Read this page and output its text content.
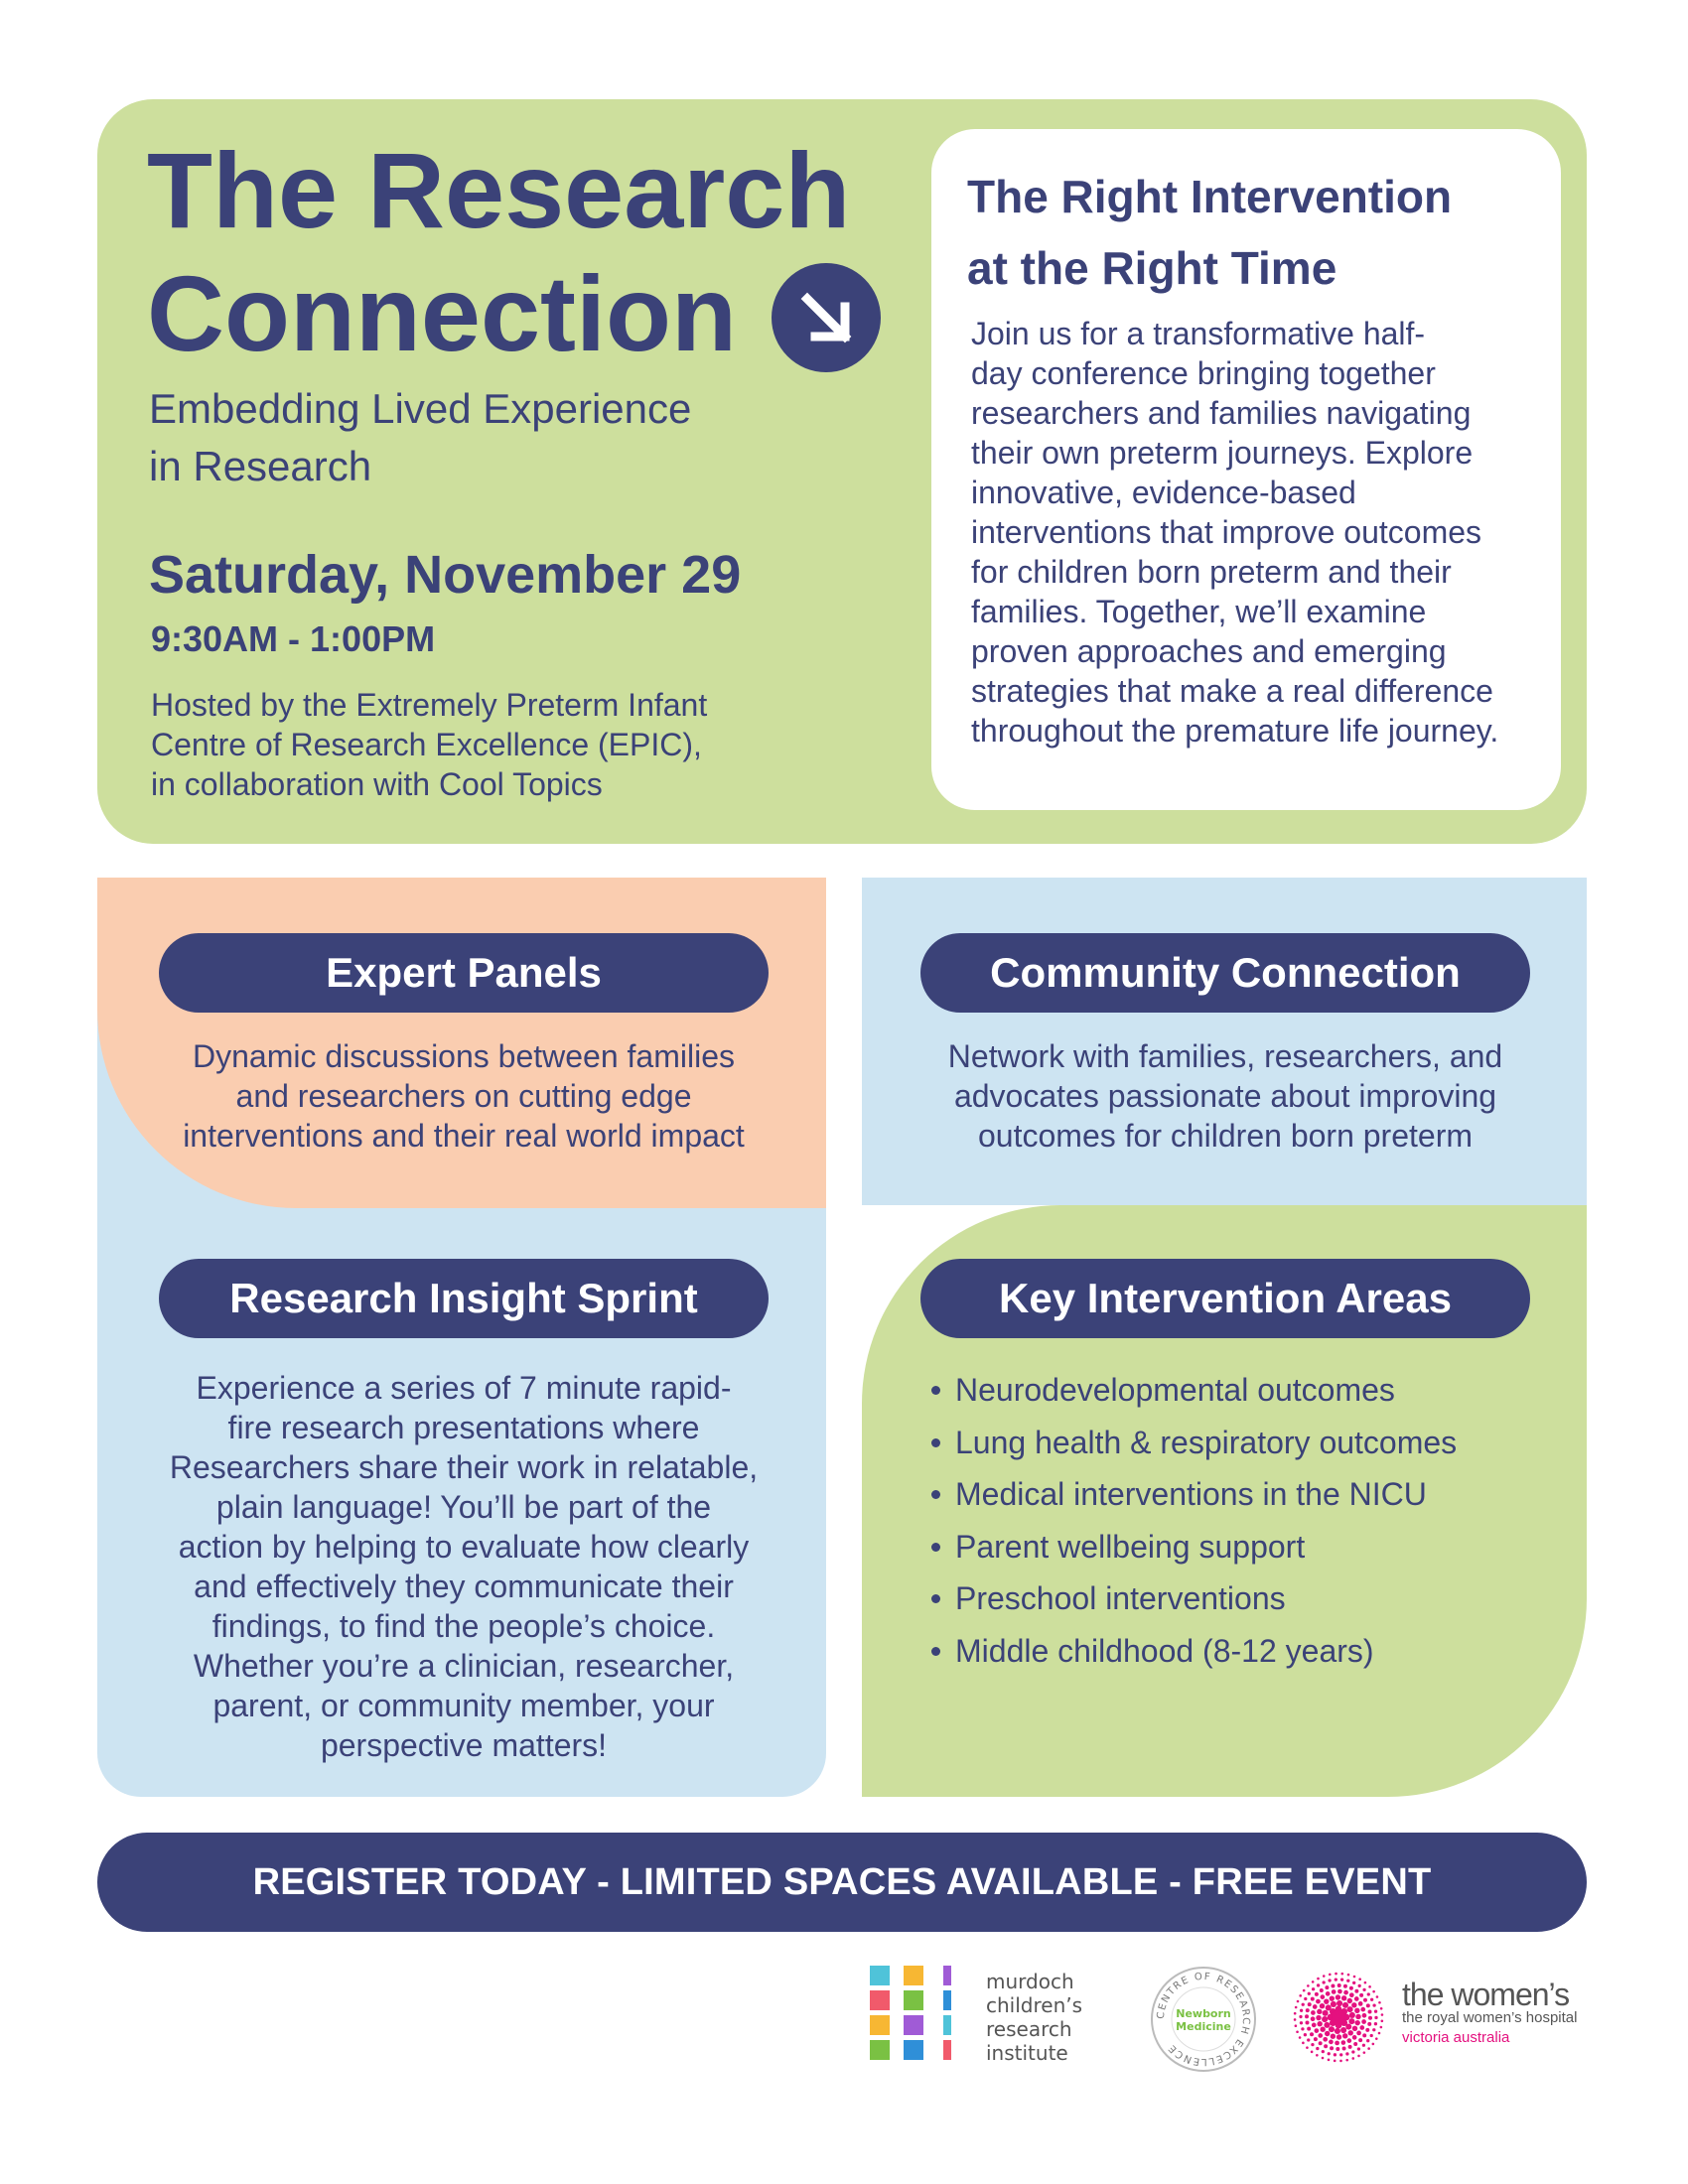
The Research
Connection

Embedding Lived Experience
in Research

Saturday, November 29

9:30AM - 1:00PM

Hosted by the Extremely Preterm Infant
Centre of Research Excellence (EPIC),
in collaboration with Cool Topics

The Right Intervention
at the Right Time

Join us for a transformative half-
day conference bringing together
researchers and families navigating
their own preterm journeys. Explore
innovative, evidence-based
interventions that improve outcomes
for children born preterm and their
families. Together, we’ll examine
proven approaches and emerging
strategies that make a real difference
throughout the premature life journey.

Expert Panels

Dynamic discussions between families
and researchers on cutting edge
interventions and their real world impact

Community Connection

Network with families, researchers, and
advocates passionate about improving
outcomes for children born preterm

Research Insight Sprint

Experience a series of 7 minute rapid-
fire research presentations where
Researchers share their work in relatable,
plain language! You’ll be part of the
action by helping to evaluate how clearly
and effectively they communicate their
findings, to find the people’s choice.
Whether you’re a clinician, researcher,
parent, or community member, your
perspective matters!

Key Intervention Areas
Neurodevelopmental outcomes
Lung health & respiratory outcomes
Medical interventions in the NICU
Parent wellbeing support
Preschool interventions
Middle childhood (8-12 years)
REGISTER TODAY - LIMITED SPACES AVAILABLE - FREE EVENT

murdoch
children’s
research
institute

CENTRE OF RESEARCH EXCELLENCE
Newborn
Medicine

the women’s

the royal women’s hospital

victoria australia
